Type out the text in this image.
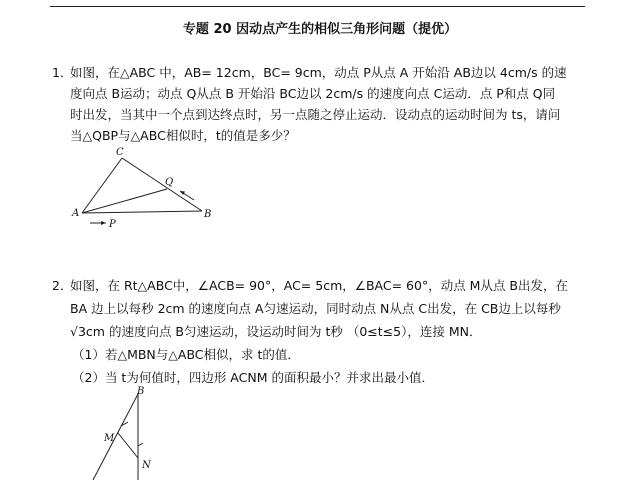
专题 20 因动点产生的相似三角形问题（提优）
1．
如图，在△ABC 中，AB= 12cm，BC= 9cm，动点 P从点 A 开始沿 AB边以 4cm/s 的速
度向点 B运动；动点 Q从点 B 开始沿 BC边以 2cm/s 的速度向点 C运动．点 P和点 Q同
时出发，当其中一个点到达终点时，另一点随之停止运动．设动点的运动时间为 ts，请问
当△QBP与△ABC相似时，t的值是多少？
A
C
B
Q
P
2．
如图，在 Rt△ABC中，∠ACB= 90°，AC= 5cm，∠BAC= 60°，动点 M从点 B出发，在
BA 边上以每秒 2cm 的速度向点 A匀速运动，同时动点 N从点 C出发，在 CB边上以每秒
√3cm 的速度向点 B匀速运动，设运动时间为 t秒 （0≤t≤5），连接 MN．
（1）若△MBN与△ABC相似，求 t的值．
（2）当 t为何值时，四边形 ACNM 的面积最小？并求出最小值．
B
M
N
